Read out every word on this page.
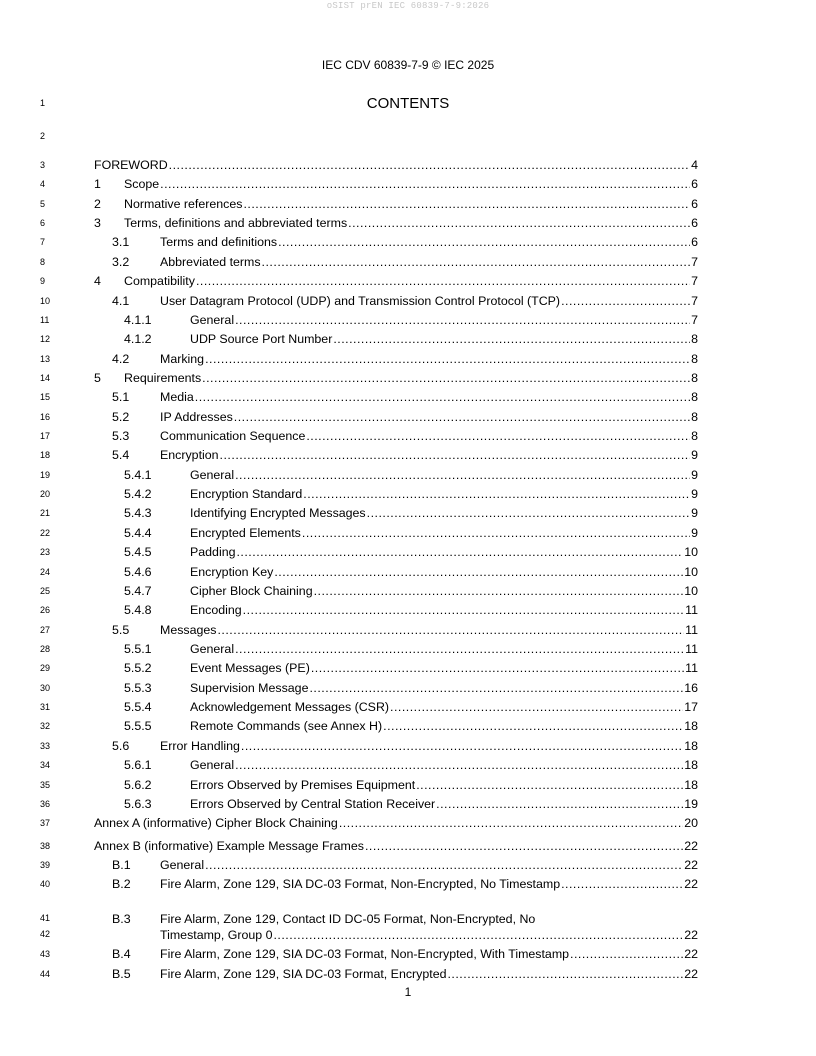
oSIST prEN IEC 60839-7-9:2026
IEC CDV 60839-7-9 © IEC 2025
1	CONTENTS
2
3	FOREWORD .....	4
4	1	Scope .....	6
5	2	Normative references .....	6
6	3	Terms, definitions and abbreviated terms .....	6
7	3.1	Terms and definitions .....	6
8	3.2	Abbreviated terms .....	7
9	4	Compatibility .....	7
10	4.1	User Datagram Protocol (UDP) and Transmission Control Protocol (TCP) .....	7
11	4.1.1	General .....	7
12	4.1.2	UDP Source Port Number .....	8
13	4.2	Marking .....	8
14	5	Requirements .....	8
15	5.1	Media .....	8
16	5.2	IP Addresses .....	8
17	5.3	Communication Sequence .....	8
18	5.4	Encryption .....	9
19	5.4.1	General .....	9
20	5.4.2	Encryption Standard .....	9
21	5.4.3	Identifying Encrypted Messages .....	9
22	5.4.4	Encrypted Elements .....	9
23	5.4.5	Padding .....	10
24	5.4.6	Encryption Key .....	10
25	5.4.7	Cipher Block Chaining .....	10
26	5.4.8	Encoding .....	11
27	5.5	Messages .....	11
28	5.5.1	General .....	11
29	5.5.2	Event Messages (PE) .....	11
30	5.5.3	Supervision Message .....	16
31	5.5.4	Acknowledgement Messages (CSR) .....	17
32	5.5.5	Remote Commands (see Annex H) .....	18
33	5.6	Error Handling .....	18
34	5.6.1	General .....	18
35	5.6.2	Errors Observed by Premises Equipment .....	18
36	5.6.3	Errors Observed by Central Station Receiver .....	19
37	Annex A (informative) Cipher Block Chaining .....	20
38	Annex B (informative) Example Message Frames .....	22
39	B.1	General .....	22
40	B.2	Fire Alarm, Zone 129, SIA DC-03 Format, Non-Encrypted, No Timestamp .....	22
41
42
B.3	Fire Alarm, Zone 129, Contact ID DC-05 Format, Non-Encrypted, No
Timestamp, Group 0 .....	22
43	B.4	Fire Alarm, Zone 129, SIA DC-03 Format, Non-Encrypted, With Timestamp .....	22
44	B.5	Fire Alarm, Zone 129, SIA DC-03 Format, Encrypted .....	22
1
